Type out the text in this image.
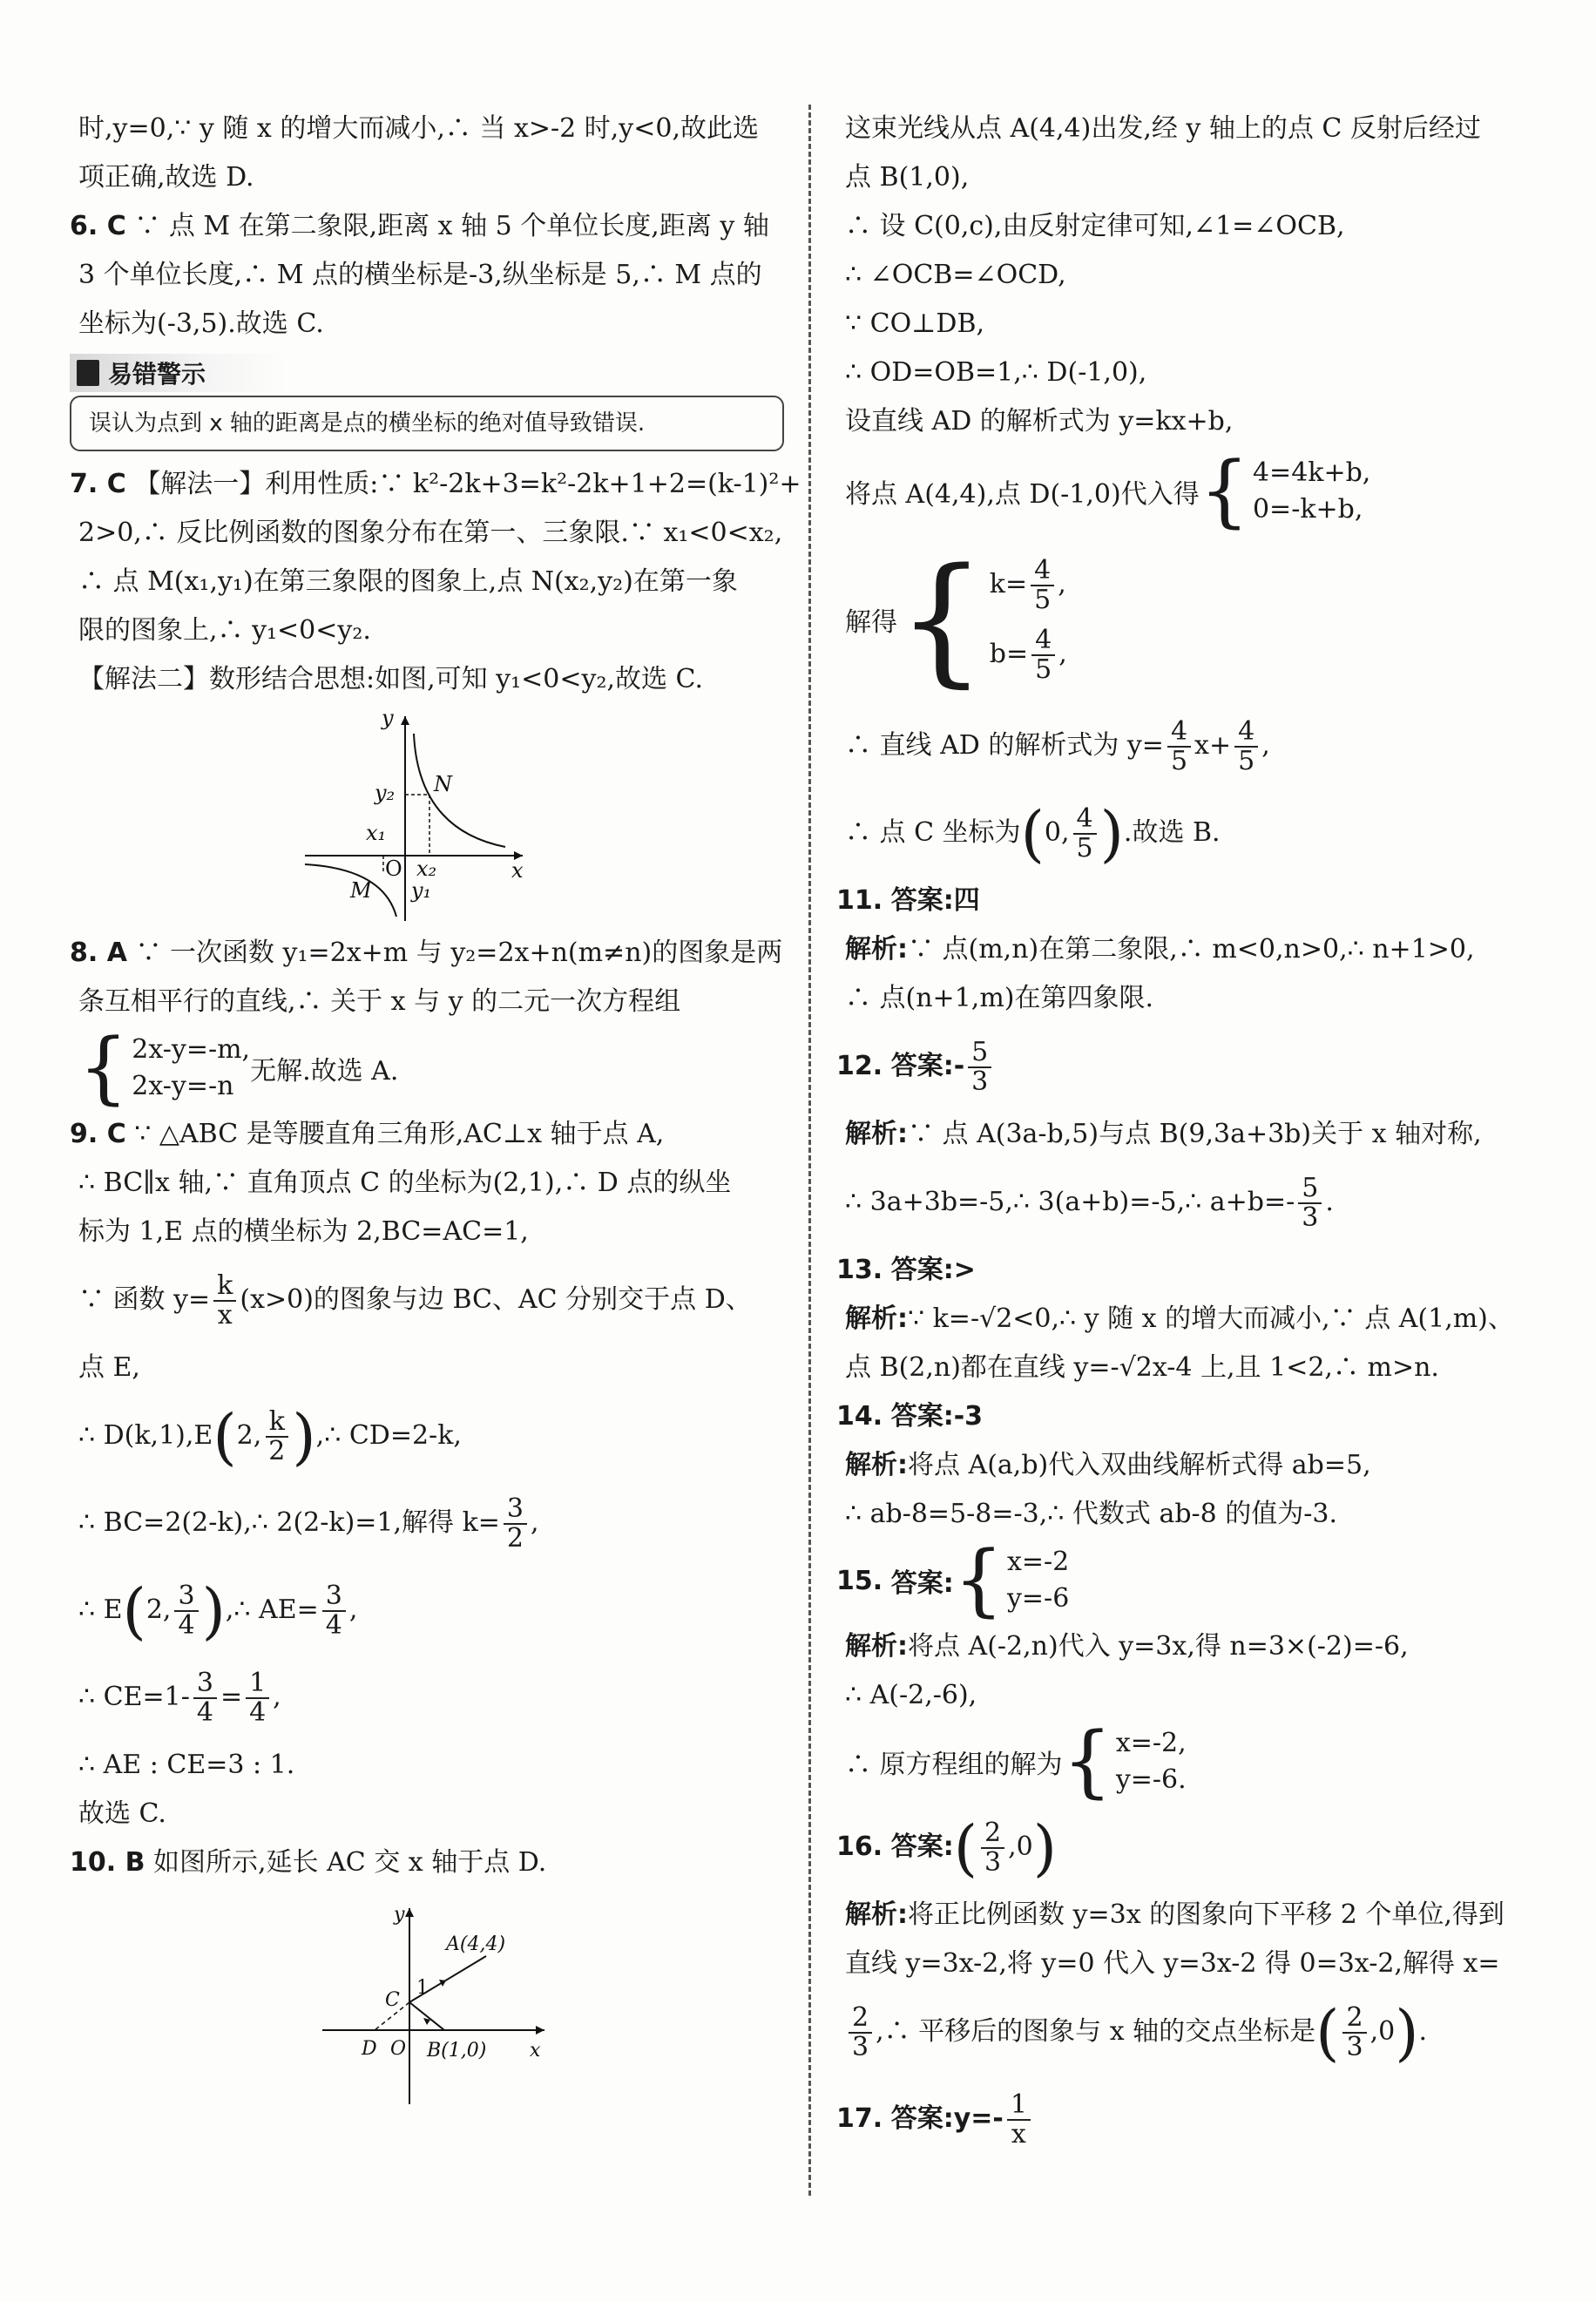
时,y=0,∵ y 随 x 的增大而减小,∴ 当 x>-2 时,y<0,故此选
项正确,故选 D.
6. C ∵ 点 M 在第二象限,距离 x 轴 5 个单位长度,距离 y 轴
3 个单位长度,∴ M 点的横坐标是-3,纵坐标是 5,∴ M 点的
坐标为(-3,5).故选 C.
易错警示
误认为点到 x 轴的距离是点的横坐标的绝对值导致错误.
7. C 【解法一】利用性质:∵ k²-2k+3=k²-2k+1+2=(k-1)²+
2>0,∴ 反比例函数的图象分布在第一、三象限.∵ x₁<0<x₂,
∴ 点 M(x₁,y₁)在第三象限的图象上,点 N(x₂,y₂)在第一象
限的图象上,∴ y₁<0<y₂.
【解法二】数形结合思想:如图,可知 y₁<0<y₂,故选 C.
y
x
O
N
M
y₂
x₁
x₂
y₁
8. A ∵ 一次函数 y₁=2x+m 与 y₂=2x+n(m≠n)的图象是两
条互相平行的直线,∴ 关于 x 与 y 的二元一次方程组
{ 2x-y=-m,
2x-y=-n 无解.故选 A.
9. C ∵ △ABC 是等腰直角三角形,AC⊥x 轴于点 A,
∴ BC∥x 轴,∵ 直角顶点 C 的坐标为(2,1),∴ D 点的纵坐
标为 1,E 点的横坐标为 2,BC=AC=1,
∵ 函数 $y= \frac{k}{x} (x>0)$的图象与边 BC、AC 分别交于点 D、
点 E,
∴ D(k,1),E(2, $\frac{k}{2}$ ),∴ CD=2-k,
∴ BC=2(2-k),∴ 2(2-k)=1,解得 $k= \frac{3}{2}$ ,
∴ E(2, $\frac{3}{4}$ ),∴ $AE= \frac{3}{4}$ ,
∴ $CE=1- \frac{3}{4} = \frac{1}{4}$ ,
∴ AE : CE=3 : 1.
故选 C.
10. B 如图所示,延长 AC 交 x 轴于点 D.
y
x
A(4,4)
C
1
D O B(1,0)
这束光线从点 A(4,4)出发,经 y 轴上的点 C 反射后经过
点 B(1,0),
∴ 设 C(0,c),由反射定律可知,∠1=∠OCB,
∴ ∠OCB=∠OCD,
∵ CO⊥DB,
∴ OD=OB=1,∴ D(-1,0),
设直线 AD 的解析式为 y=kx+b,
将点 A(4,4),点 D(-1,0)代入得 { 4=4k+b,
0=-k+b,
解得 { $k= \frac{4}{5}$ ,
$b= \frac{4}{5}$ ,
∴ 直线 AD 的解析式为 $y= \frac{4}{5} x+ \frac{4}{5}$ ,
∴ 点 C 坐标为(0, $\frac{4}{5}$ ).故选 B.
11. 答案:四
解析:∵ 点(m,n)在第二象限,∴ m<0,n>0,∴ n+1>0,
∴ 点(n+1,m)在第四象限.
12. 答案:- $\frac{5}{3}$
解析:∵ 点 A(3a-b,5)与点 B(9,3a+3b)关于 x 轴对称,
∴ 3a+3b=-5,∴ 3(a+b)=-5,∴ $a+b=- \frac{5}{3}$ .
13. 答案:>
解析:∵ k=-√2<0,∴ y 随 x 的增大而减小,∵ 点 A(1,m)、
点 B(2,n)都在直线 y=-√2x-4 上,且 1<2,∴ m>n.
14. 答案:-3
解析:将点 A(a,b)代入双曲线解析式得 ab=5,
∴ ab-8=5-8=-3,∴ 代数式 ab-8 的值为-3.
15.
答案: { x=-2
y=-6
解析:将点 A(-2,n)代入 y=3x,得 n=3×(-2)=-6,
∴ A(-2,-6),
∴ 原方程组的解为 { x=-2,
y=-6.
16. 答案:( $\frac{2}{3} ,0$)
解析:将正比例函数 y=3x 的图象向下平移 2 个单位,得到
直线 y=3x-2,将 y=0 代入 y=3x-2 得 0=3x-2,解得 x=
$\frac{2}{3}$ ,∴ 平移后的图象与 x 轴的交点坐标是( $\frac{2}{3} ,0$).
17. 答案:y=- $\frac{1}{x}$
